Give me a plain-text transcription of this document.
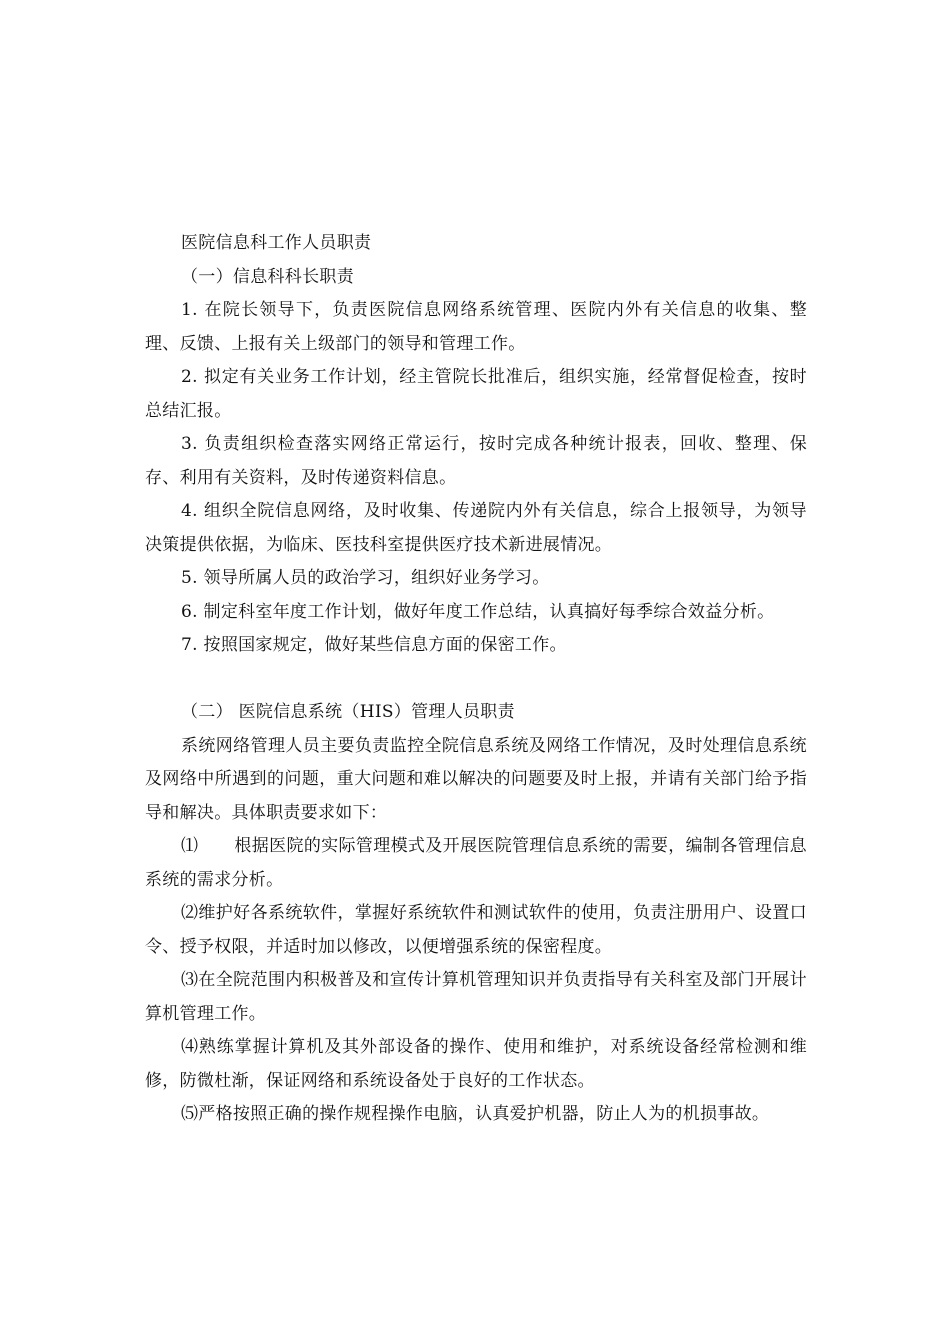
医院信息科工作人员职责

（一）信息科科长职责

1. 在院长领导下，负责医院信息网络系统管理、医院内外有关信息的收集、整理、反馈、上报有关上级部门的领导和管理工作。

2. 拟定有关业务工作计划，经主管院长批准后，组织实施，经常督促检查，按时总结汇报。

3. 负责组织检查落实网络正常运行，按时完成各种统计报表，回收、整理、保存、利用有关资料，及时传递资料信息。

4. 组织全院信息网络，及时收集、传递院内外有关信息，综合上报领导，为领导决策提供依据，为临床、医技科室提供医疗技术新进展情况。

5. 领导所属人员的政治学习，组织好业务学习。

6. 制定科室年度工作计划，做好年度工作总结，认真搞好每季综合效益分析。

7. 按照国家规定，做好某些信息方面的保密工作。

（二） 医院信息系统（HIS）管理人员职责

系统网络管理人员主要负责监控全院信息系统及网络工作情况，及时处理信息系统及网络中所遇到的问题，重大问题和难以解决的问题要及时上报，并请有关部门给予指导和解决。具体职责要求如下：

⑴ 根据医院的实际管理模式及开展医院管理信息系统的需要，编制各管理信息系统的需求分析。

⑵维护好各系统软件，掌握好系统软件和测试软件的使用，负责注册用户、设置口令、授予权限，并适时加以修改，以便增强系统的保密程度。

⑶在全院范围内积极普及和宣传计算机管理知识并负责指导有关科室及部门开展计算机管理工作。

⑷熟练掌握计算机及其外部设备的操作、使用和维护，对系统设备经常检测和维修，防微杜渐，保证网络和系统设备处于良好的工作状态。

⑸严格按照正确的操作规程操作电脑，认真爱护机器，防止人为的机损事故。
